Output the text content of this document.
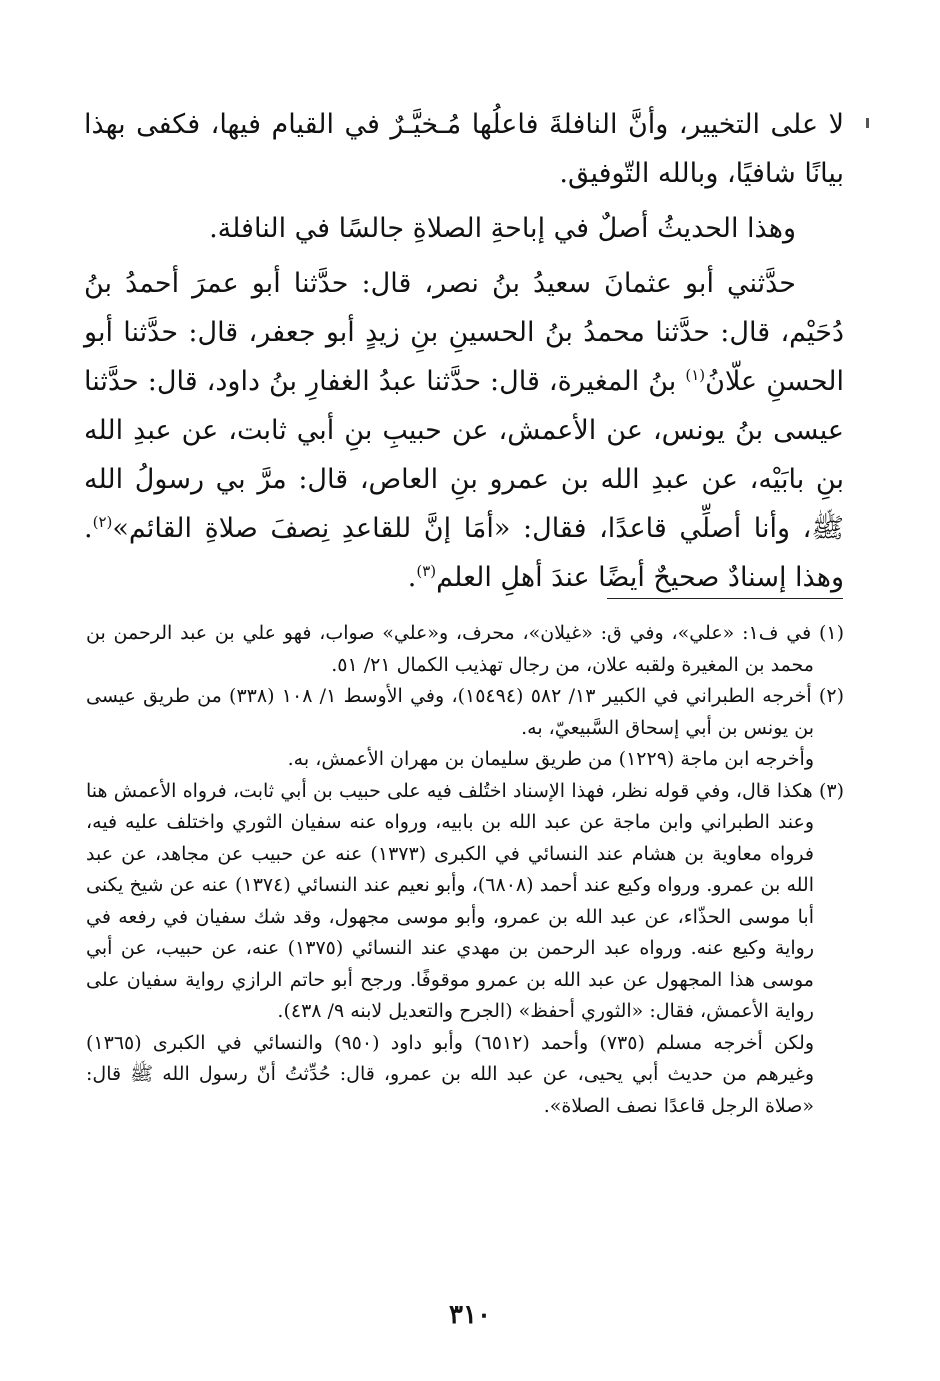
لا على التخيير، وأنَّ النافلةَ فاعلُها مُـخيَّـرٌ في القيام فيها، فكفى بهذا بيانًا شافيًا، وبالله التّوفيق.

وهذا الحديثُ أصلٌ في إباحةِ الصلاةِ جالسًا في النافلة.

حدَّثني أبو عثمانَ سعيدُ بنُ نصر، قال: حدَّثنا أبو عمرَ أحمدُ بنُ دُحَيْم، قال: حدَّثنا محمدُ بنُ الحسينِ بنِ زيدٍ أبو جعفر، قال: حدَّثنا أبو الحسنِ علّانُ$^{(١)}$ بنُ المغيرة، قال: حدَّثنا عبدُ الغفارِ بنُ داود، قال: حدَّثنا عيسى بنُ يونس، عن الأعمش، عن حبيبِ بنِ أبي ثابت، عن عبدِ الله بنِ بابَيْه، عن عبدِ الله بن عمرو بنِ العاص، قال: مرَّ بي رسولُ الله ﷺ، وأنا أصلِّي قاعدًا، فقال: «أمَا إنَّ للقاعدِ نِصفَ صلاةِ القائم»$^{(٢)}$. وهذا إسنادٌ صحيحٌ أيضًا عندَ أهلِ العلم$^{(٣)}$.

(١) في ف١: «علي»، وفي ق: «غيلان»، محرف، و«علي» صواب، فهو علي بن عبد الرحمن بن محمد بن المغيرة ولقبه علان، من رجال تهذيب الكمال ٢١/ ٥١.

(٢) أخرجه الطبراني في الكبير ١٣/ ٥٨٢ (١٥٤٩٤)، وفي الأوسط ١/ ١٠٨ (٣٣٨) من طريق عيسى بن يونس بن أبي إسحاق السَّبيعيّ، به.

وأخرجه ابن ماجة (١٢٢٩) من طريق سليمان بن مهران الأعمش، به.

(٣) هكذا قال، وفي قوله نظر، فهذا الإسناد اختُلف فيه على حبيب بن أبي ثابت، فرواه الأعمش هنا وعند الطبراني وابن ماجة عن عبد الله بن بابيه، ورواه عنه سفيان الثوري واختلف عليه فيه، فرواه معاوية بن هشام عند النسائي في الكبرى (١٣٧٣) عنه عن حبيب عن مجاهد، عن عبد الله بن عمرو. ورواه وكيع عند أحمد (٦٨٠٨)، وأبو نعيم عند النسائي (١٣٧٤) عنه عن شيخ يكنى أبا موسى الحذّاء، عن عبد الله بن عمرو، وأبو موسى مجهول، وقد شك سفيان في رفعه في رواية وكيع عنه. ورواه عبد الرحمن بن مهدي عند النسائي (١٣٧٥) عنه، عن حبيب، عن أبي موسى هذا المجهول عن عبد الله بن عمرو موقوفًا. ورجح أبو حاتم الرازي رواية سفيان على رواية الأعمش، فقال: «الثوري أحفظ» (الجرح والتعديل لابنه ٩/ ٤٣٨).

ولكن أخرجه مسلم (٧٣٥) وأحمد (٦٥١٢) وأبو داود (٩٥٠) والنسائي في الكبرى (١٣٦٥) وغيرهم من حديث أبي يحيى، عن عبد الله بن عمرو، قال: حُدِّثتُ أنّ رسول الله ﷺ قال: «صلاة الرجل قاعدًا نصف الصلاة».

٣١٠
